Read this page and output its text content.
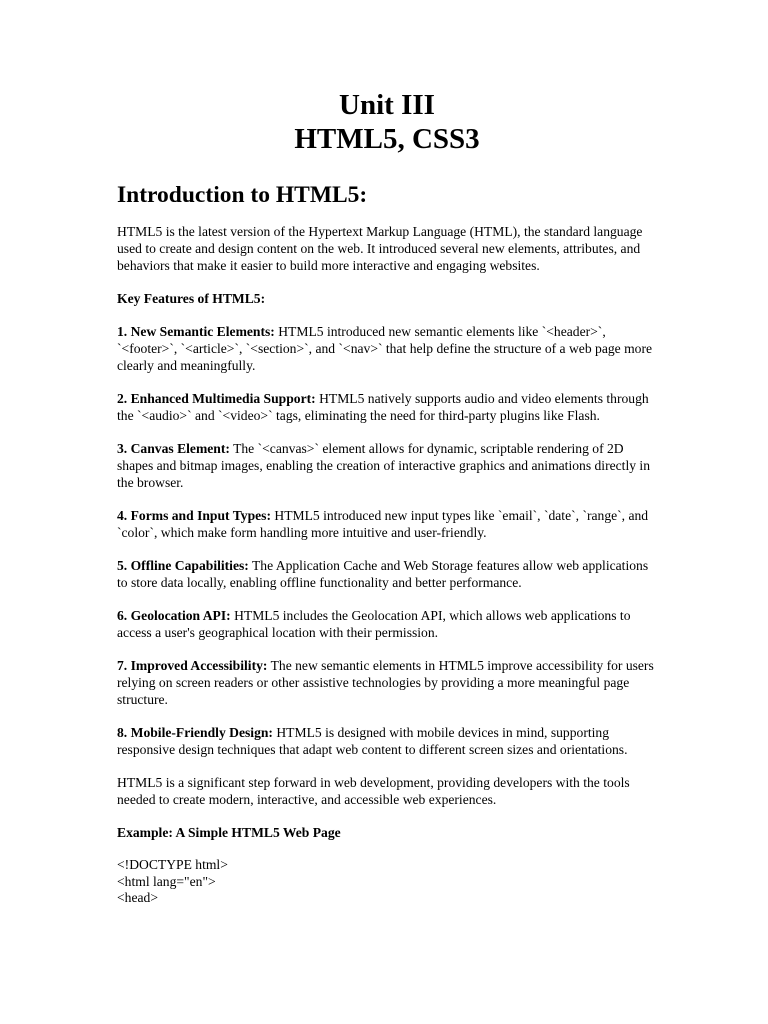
Unit III

HTML5, CSS3

Introduction to HTML5:

HTML5 is the latest version of the Hypertext Markup Language (HTML), the standard language used to create and design content on the web. It introduced several new elements, attributes, and behaviors that make it easier to build more interactive and engaging websites.

Key Features of HTML5:

1. New Semantic Elements: HTML5 introduced new semantic elements like `<header>`, `<footer>`, `<article>`, `<section>`, and `<nav>` that help define the structure of a web page more clearly and meaningfully.

2. Enhanced Multimedia Support: HTML5 natively supports audio and video elements through the `<audio>` and `<video>` tags, eliminating the need for third-party plugins like Flash.

3. Canvas Element: The `<canvas>` element allows for dynamic, scriptable rendering of 2D shapes and bitmap images, enabling the creation of interactive graphics and animations directly in the browser.

4. Forms and Input Types: HTML5 introduced new input types like `email`, `date`, `range`, and `color`, which make form handling more intuitive and user-friendly.

5. Offline Capabilities: The Application Cache and Web Storage features allow web applications to store data locally, enabling offline functionality and better performance.

6. Geolocation API: HTML5 includes the Geolocation API, which allows web applications to access a user's geographical location with their permission.

7. Improved Accessibility: The new semantic elements in HTML5 improve accessibility for users relying on screen readers or other assistive technologies by providing a more meaningful page structure.

8. Mobile-Friendly Design: HTML5 is designed with mobile devices in mind, supporting responsive design techniques that adapt web content to different screen sizes and orientations.

HTML5 is a significant step forward in web development, providing developers with the tools needed to create modern, interactive, and accessible web experiences.

Example: A Simple HTML5 Web Page

<!DOCTYPE html>
<html lang="en">
<head>
